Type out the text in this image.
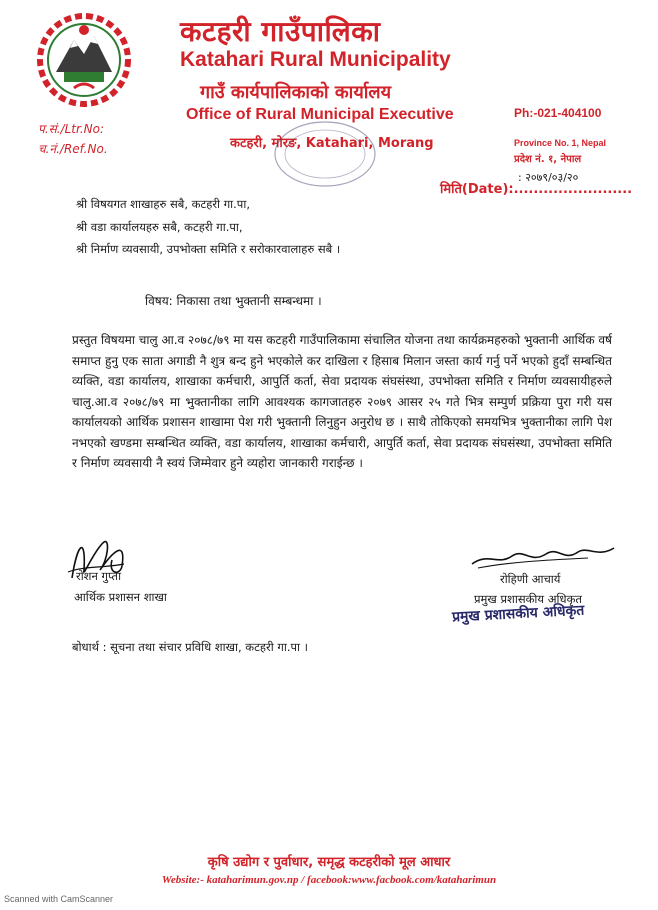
कटहरी गाउँपालिका
Katahari Rural Municipality
गाउँ कार्यपालिकाको कार्यालय
Office of Rural Municipal Executive
कटहरी, मोरङ, Katahari, Morang
प.सं./Ltr.No:
च.नं./Ref.No.
Ph:-021-404100
Province No. 1, Nepal
प्रदेश नं. १, नेपाल
: २०७९/०३/२०
मिति(Date):........................
श्री विषयगत शाखाहरु सबै, कटहरी गा.पा,
श्री वडा कार्यालयहरु सबै, कटहरी गा.पा,
श्री निर्माण व्यवसायी, उपभोक्ता समिति र सरोकारवालाहरु सबै ।
विषय: निकासा तथा भुक्तानी सम्बन्धमा ।
प्रस्तुत विषयमा चालु आ.व २०७८/७९ मा यस कटहरी गाउँपालिकामा संचालित योजना तथा कार्यक्रमहरुको भुक्तानी आर्थिक वर्ष समाप्त हुनु एक साता अगाडी नै शुत्र बन्द हुने भएकोले कर दाखिला र हिसाब मिलान जस्ता कार्य गर्नु पर्ने भएको हुदाँ सम्बन्धित व्यक्ति, वडा कार्यालय, शाखाका कर्मचारी, आपुर्ति कर्ता, सेवा प्रदायक संघसंस्था, उपभोक्ता समिति र निर्माण व्यवसायीहरुले चालु.आ.व २०७८/७९ मा भुक्तानीका लागि आवश्यक कागजातहरु २०७९ आसर २५ गते भित्र सम्पुर्ण प्रक्रिया पुरा गरी यस कार्यालयको आर्थिक प्रशासन शाखामा पेश गरी भुक्तानी लिनुहुन अनुरोध छ । साथै तोकिएको समयभित्र भुक्तानीका लागि पेश नभएको खण्डमा सम्बन्धित व्यक्ति, वडा कार्यालय, शाखाका कर्मचारी, आपुर्ति कर्ता, सेवा प्रदायक संघसंस्था, उपभोक्ता समिति र निर्माण व्यवसायी नै स्वयं जिम्मेवार हुने व्यहोरा जानकारी गराईन्छ ।
रोशन गुप्ता
आर्थिक प्रशासन शाखा
रोहिणी आचार्य
प्रमुख प्रशासकीय अधिकृत
प्रमुख प्रशासकीय अधिकृत
बोधार्थ : सूचना तथा संचार प्रविधि शाखा, कटहरी गा.पा ।
कृषि उद्योग र पुर्वाधार, समृद्ध कटहरीको मूल आधार
Website:- kataharimun.gov.np / facebook:www.facbook.com/kataharimun
Scanned with CamScanner
